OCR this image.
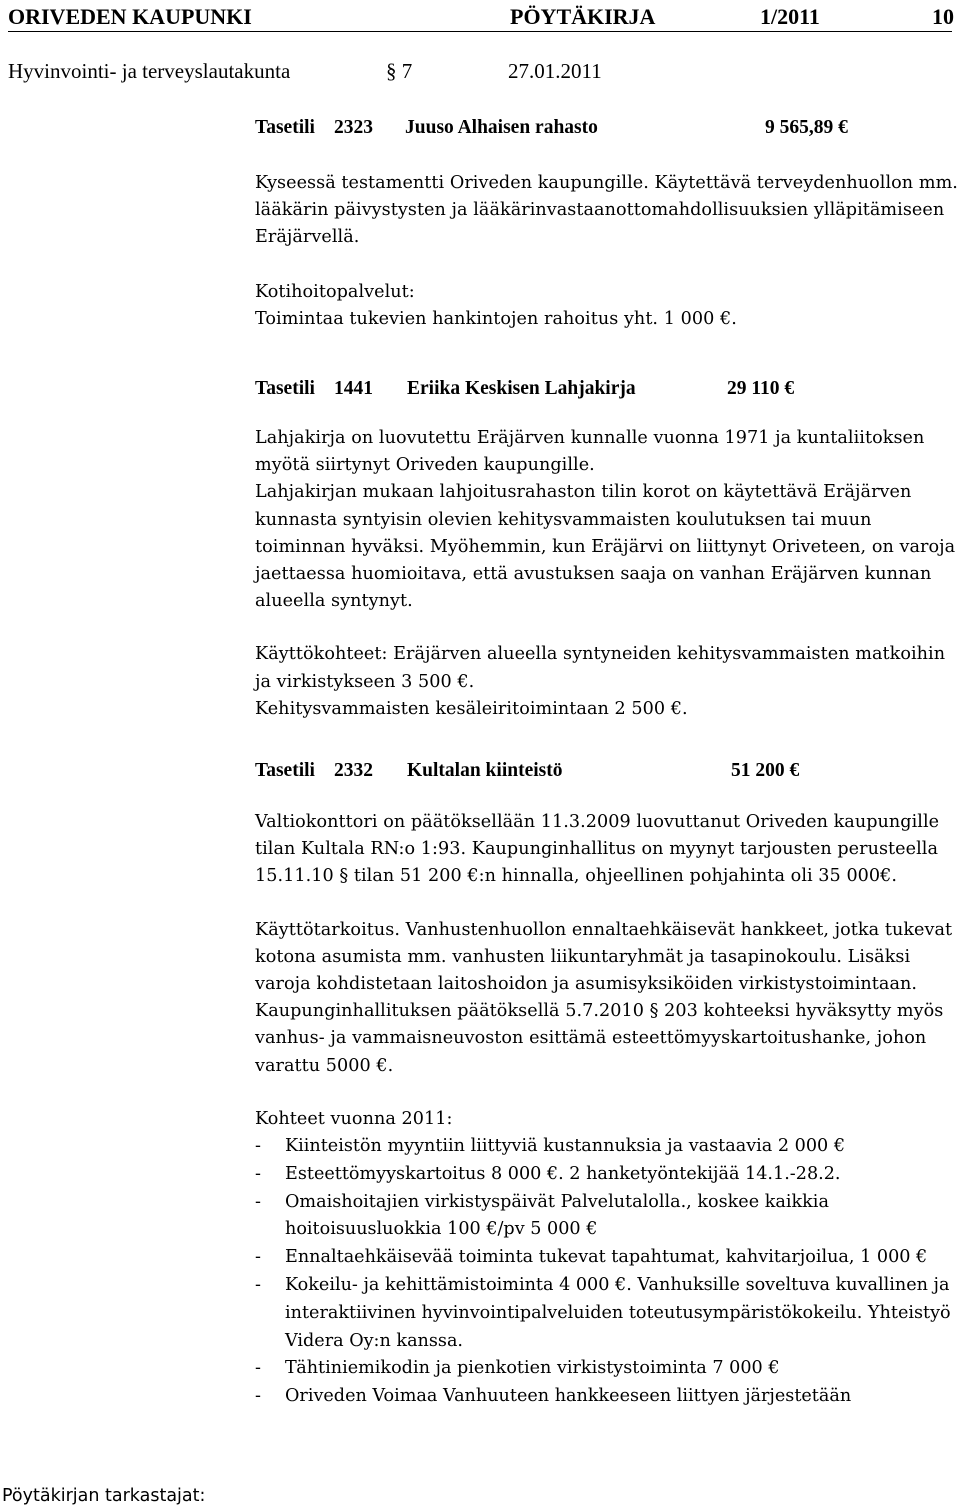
ORIVEDEN KAUPUNKI	PÖYTÄKIRJA	1/2011	10
Hyvinvointi- ja terveyslautakunta	§ 7	27.01.2011
Tasetili 2323 Juuso Alhaisen rahasto	9 565,89 €

Kyseessä testamentti Oriveden kaupungille. Käytettävä terveydenhuollon mm. lääkärin päivystysten ja lääkärinvastaanottomahdollisuuksien ylläpitämiseen Eräjärvellä.

Kotihoitopalvelut:

Toimintaa tukevien hankintojen rahoitus yht. 1 000 €.

Tasetili 1441 Eriika Keskisen Lahjakirja	29 110 €

Lahjakirja on luovutettu Eräjärven kunnalle vuonna 1971 ja kuntaliitoksen myötä siirtynyt Oriveden kaupungille.

Lahjakirjan mukaan lahjoitusrahaston tilin korot on käytettävä Eräjärven kunnasta syntyisin olevien kehitysvammaisten koulutuksen tai muun toiminnan hyväksi. Myöhemmin, kun Eräjärvi on liittynyt Oriveteen, on varoja jaettaessa huomioitava, että avustuksen saaja on vanhan Eräjärven kunnan alueella syntynyt.

Käyttökohteet: Eräjärven alueella syntyneiden kehitysvammaisten matkoihin ja virkistykseen 3 500 €.

Kehitysvammaisten kesäleiritoimintaan 2 500 €.

Tasetili 2332 Kultalan kiinteistö	51 200 €

Valtiokonttori on päätöksellään 11.3.2009 luovuttanut Oriveden kaupungille tilan Kultala RN:o 1:93. Kaupunginhallitus on myynyt tarjousten perusteella 15.11.10 § tilan 51 200 €:n hinnalla, ohjeellinen pohjahinta oli 35 000€.

Käyttötarkoitus. Vanhustenhuollon ennaltaehkäisevät hankkeet, jotka tukevat kotona asumista mm. vanhusten liikuntaryhmät ja tasapinokoulu. Lisäksi varoja kohdistetaan laitoshoidon ja asumisyksiköiden virkistystoimintaan. Kaupunginhallituksen päätöksellä 5.7.2010 § 203 kohteeksi hyväksytty myös vanhus- ja vammaisneuvoston esittämä esteettömyyskartoitushanke, johon varattu 5000 €.

Kohteet vuonna 2011:

- Kiinteistön myyntiin liittyviä kustannuksia ja vastaavia 2 000 €
- Esteettömyyskartoitus 8 000 €. 2 hanketyöntekijää 14.1.-28.2.
- Omaishoitajien virkistyspäivät Palvelutalolla., koskee kaikkia hoitoisuusluokkia 100 €/pv 5 000 €
- Ennaltaehkäisevää toiminta tukevat tapahtumat, kahvitarjoilua, 1 000 €
- Kokeilu- ja kehittämistoiminta 4 000 €. Vanhuksille soveltuva kuvallinen ja interaktiivinen hyvinvointipalveluiden toteutusympäristökokeilu. Yhteistyö Videra Oy:n kanssa.
- Tähtiniemikodin ja pienkotien virkistystoiminta 7 000 €
- Oriveden Voimaa Vanhuuteen hankkeeseen liittyen järjestetään
Pöytäkirjan tarkastajat:
